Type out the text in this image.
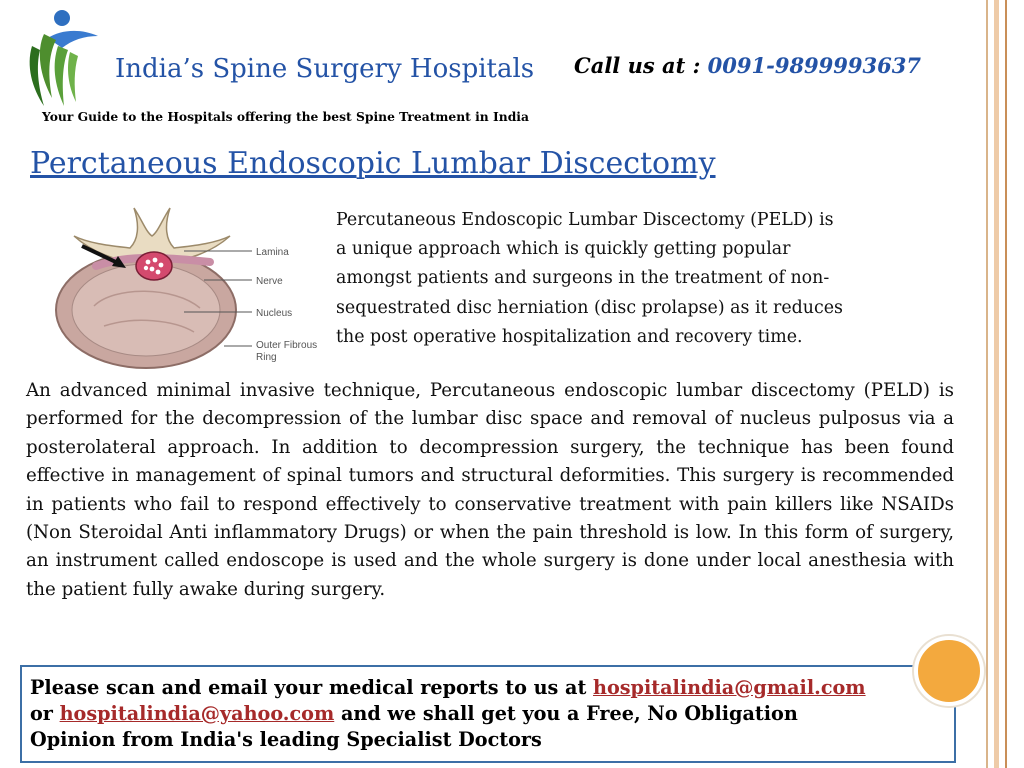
India’s Spine Surgery Hospitals
Your Guide to the Hospitals offering the best Spine Treatment in India
Call us at : 0091-9899993637
Perctaneous Endoscopic Lumbar Discectomy
Lamina
Nerve
Nucleus
Outer Fibrous
Ring

Percutaneous Endoscopic Lumbar Discectomy (PELD) is
a unique approach which is quickly getting popular
amongst patients and surgeons in the treatment of non-
sequestrated disc herniation (disc prolapse) as it reduces
the post operative hospitalization and recovery time.

An advanced minimal invasive technique, Percutaneous endoscopic lumbar discectomy (PELD) is performed for the decompression of the lumbar disc space and removal of nucleus pulposus via a posterolateral approach. In addition to decompression surgery, the technique has been found effective in management of spinal tumors and structural deformities. This surgery is recommended in patients who fail to respond effectively to conservative treatment with pain killers like NSAIDs (Non Steroidal Anti inflammatory Drugs) or when the pain threshold is low. In this form of surgery, an instrument called endoscope is used and the whole surgery is done under local anesthesia with the patient fully awake during surgery.

Please scan and email your medical reports to us at hospitalindia@gmail.com
or hospitalindia@yahoo.com and we shall get you a Free, No Obligation
Opinion from India's leading Specialist Doctors
